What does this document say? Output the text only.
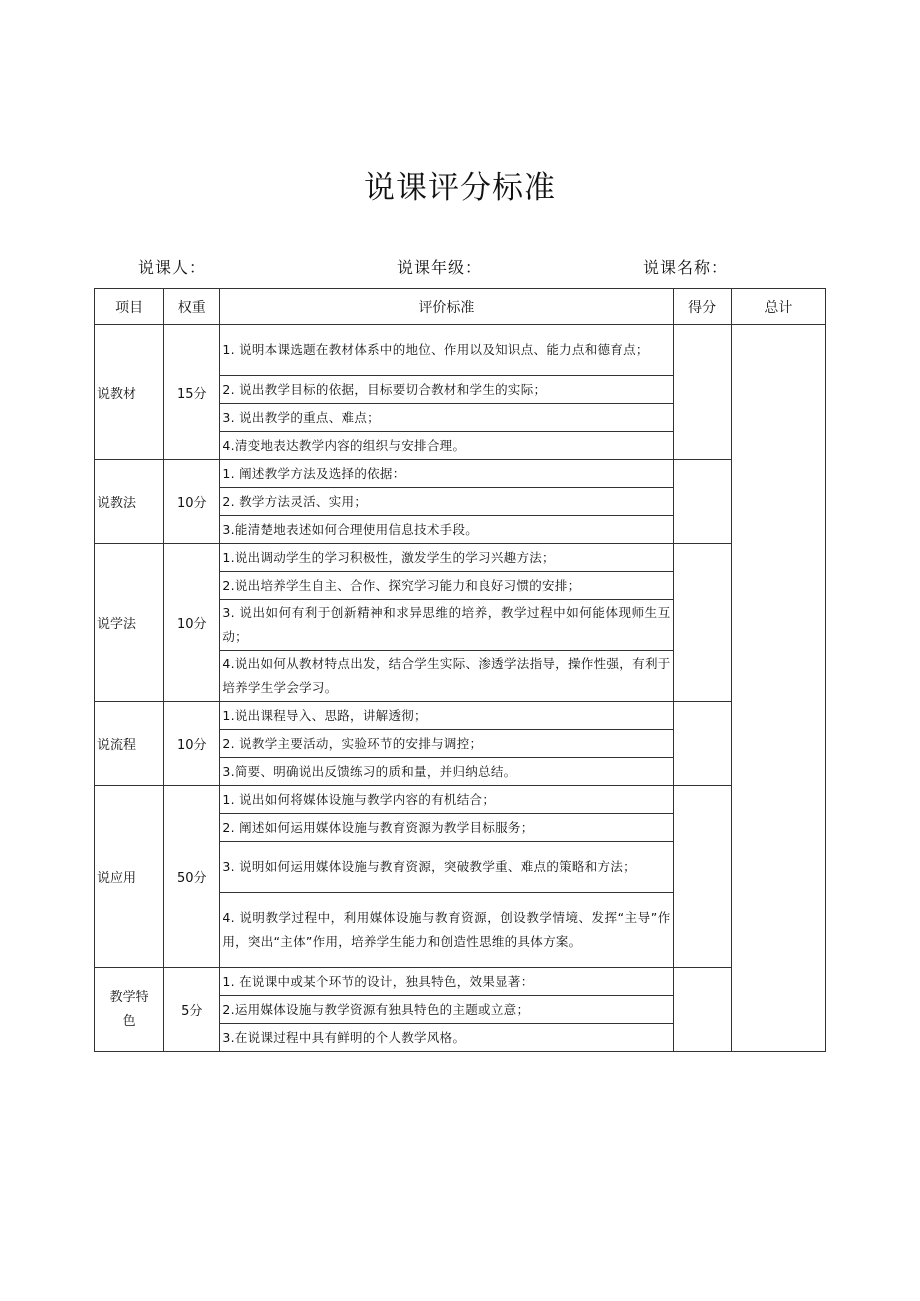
说课评分标准
说课人：	说课年级：	说课名称：
项目	权重	评价标准	得分	总计
说教材	15分	1. 说明本课选题在教材体系中的地位、作用以及知识点、能力点和德育点；		
		2. 说出教学目标的依据，目标要切合教材和学生的实际；		
		3. 说出教学的重点、难点；		
		4.清变地表达教学内容的组织与安排合理。		
说教法	10分	1. 阐述教学方法及选择的依据：		
		2. 教学方法灵活、实用；		
		3.能清楚地表述如何合理使用信息技术手段。		
说学法	10分	1.说出调动学生的学习积极性，激发学生的学习兴趣方法；		
		2.说出培养学生自主、合作、探究学习能力和良好习惯的安排；		
		3. 说出如何有利于创新精神和求异思维的培养，教学过程中如何能体现师生互动；		
		4.说出如何从教材特点出发，结合学生实际、渗透学法指导，操作性强，有利于培养学生学会学习。		
说流程	10分	1.说出课程导入、思路，讲解透彻；		
		2. 说教学主要活动，实验环节的安排与调控；		
		3.简要、明确说出反馈练习的质和量，并归纳总结。		
说应用	50分	1. 说出如何将媒体设施与教学内容的有机结合；		
		2. 阐述如何运用媒体设施与教育资源为教学目标服务；		
		3. 说明如何运用媒体设施与教育资源，突破教学重、难点的策略和方法；		
		4. 说明教学过程中，利用媒体设施与教育资源，创设教学情境、发挥“主导”作用，突出“主体”作用，培养学生能力和创造性思维的具体方案。		
教学特色	5分	1. 在说课中或某个环节的设计，独具特色，效果显著：		
		2.运用媒体设施与教学资源有独具特色的主题或立意；		
		3.在说课过程中具有鲜明的个人教学风格。		
